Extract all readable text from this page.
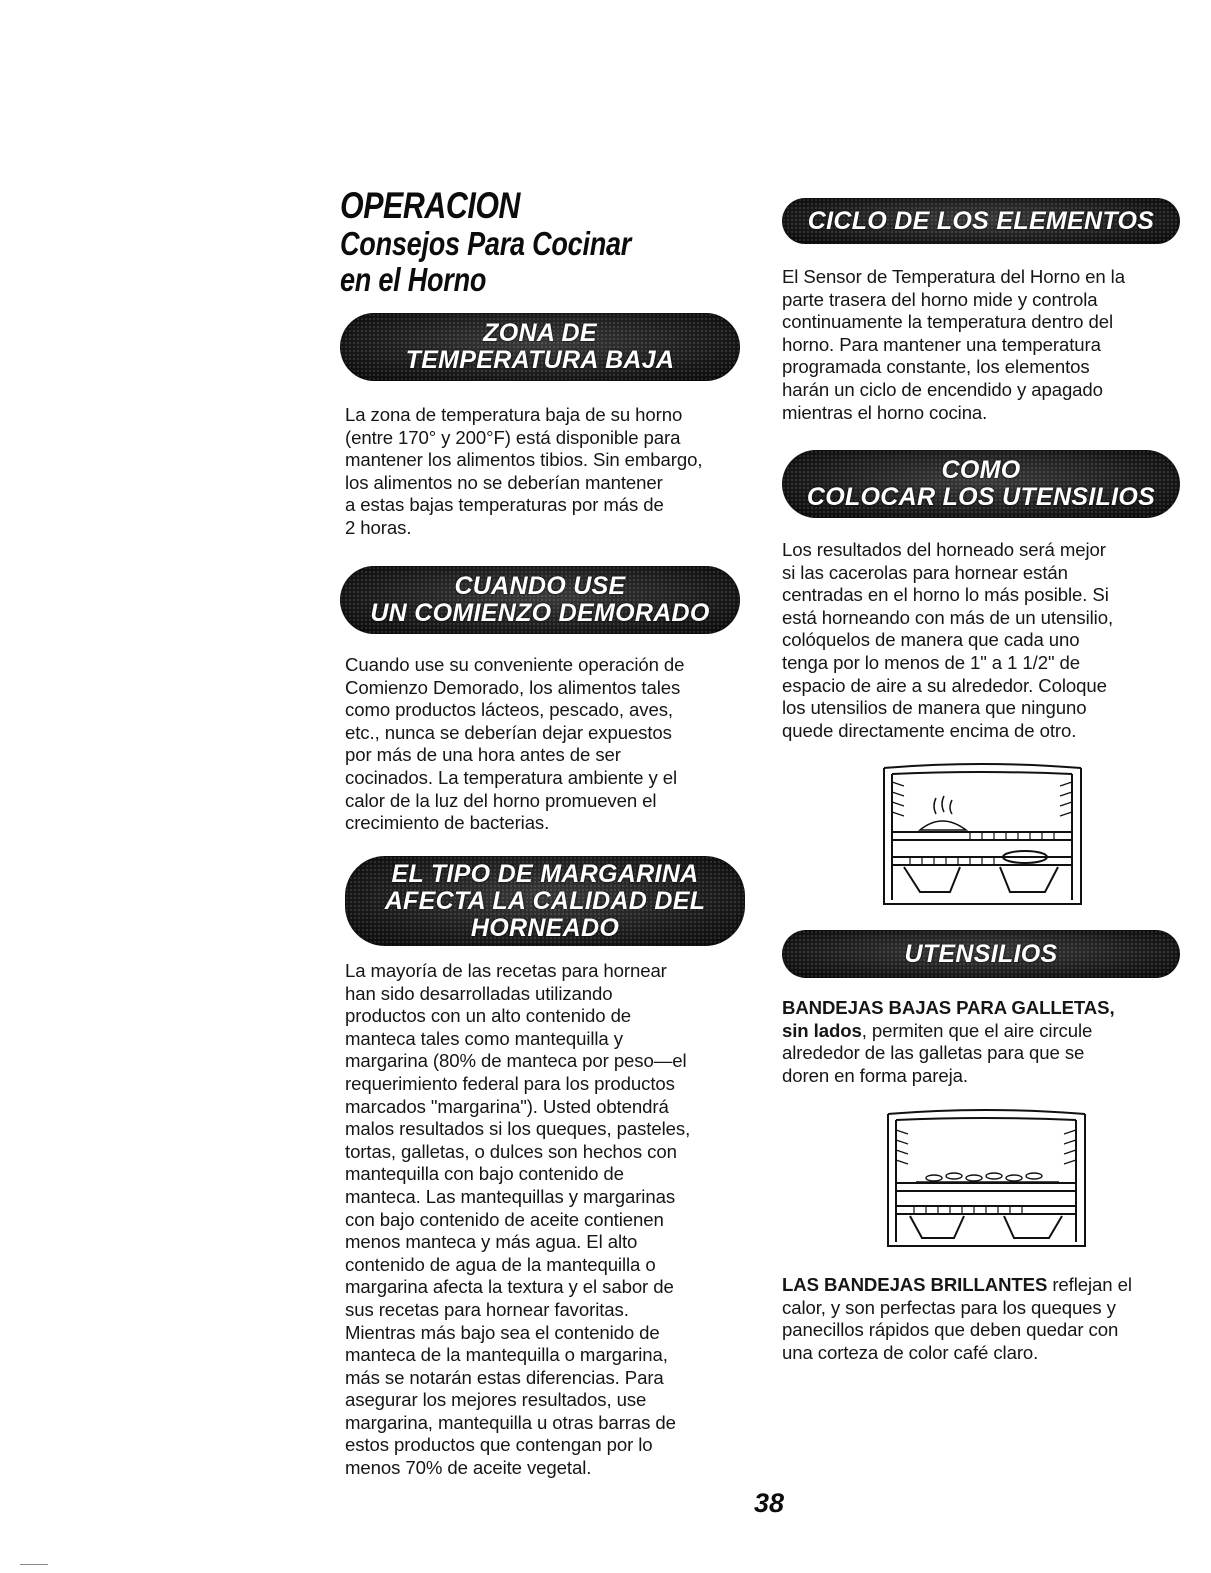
OPERACION
Consejos Para Cocinar
en el Horno
ZONA DE
TEMPERATURA BAJA
La zona de temperatura baja de su horno
(entre 170° y 200°F) está disponible para
mantener los alimentos tibios. Sin embargo,
los alimentos no se deberían mantener
a estas bajas temperaturas por más de
2 horas.
CUANDO USE
UN COMIENZO DEMORADO
Cuando use su conveniente operación de
Comienzo Demorado, los alimentos tales
como productos lácteos, pescado, aves,
etc., nunca se deberían dejar expuestos
por más de una hora antes de ser
cocinados. La temperatura ambiente y el
calor de la luz del horno promueven el
crecimiento de bacterias.
EL TIPO DE MARGARINA
AFECTA LA CALIDAD DEL
HORNEADO
La mayoría de las recetas para hornear
han sido desarrolladas utilizando
productos con un alto contenido de
manteca tales como mantequilla y
margarina (80% de manteca por peso—el
requerimiento federal para los productos
marcados "margarina"). Usted obtendrá
malos resultados si los queques, pasteles,
tortas, galletas, o dulces son hechos con
mantequilla con bajo contenido de
manteca. Las mantequillas y margarinas
con bajo contenido de aceite contienen
menos manteca y más agua. El alto
contenido de agua de la mantequilla o
margarina afecta la textura y el sabor de
sus recetas para hornear favoritas.
Mientras más bajo sea el contenido de
manteca de la mantequilla o margarina,
más se notarán estas diferencias. Para
asegurar los mejores resultados, use
margarina, mantequilla u otras barras de
estos productos que contengan por lo
menos 70% de aceite vegetal.
CICLO DE LOS ELEMENTOS
El Sensor de Temperatura del Horno en la
parte trasera del horno mide y controla
continuamente la temperatura dentro del
horno. Para mantener una temperatura
programada constante, los elementos
harán un ciclo de encendido y apagado
mientras el horno cocina.
COMO
COLOCAR LOS UTENSILIOS
Los resultados del horneado será mejor
si las cacerolas para hornear están
centradas en el horno lo más posible. Si
está horneando con más de un utensilio,
colóquelos de manera que cada uno
tenga por lo menos de 1" a 1 1/2" de
espacio de aire a su alrededor. Coloque
los utensilios de manera que ninguno
quede directamente encima de otro.
UTENSILIOS
BANDEJAS BAJAS PARA GALLETAS,
sin lados, permiten que el aire circule
alrededor de las galletas para que se
doren en forma pareja.
LAS BANDEJAS BRILLANTES reflejan el
calor, y son perfectas para los queques y
panecillos rápidos que deben quedar con
una corteza de color café claro.
38
